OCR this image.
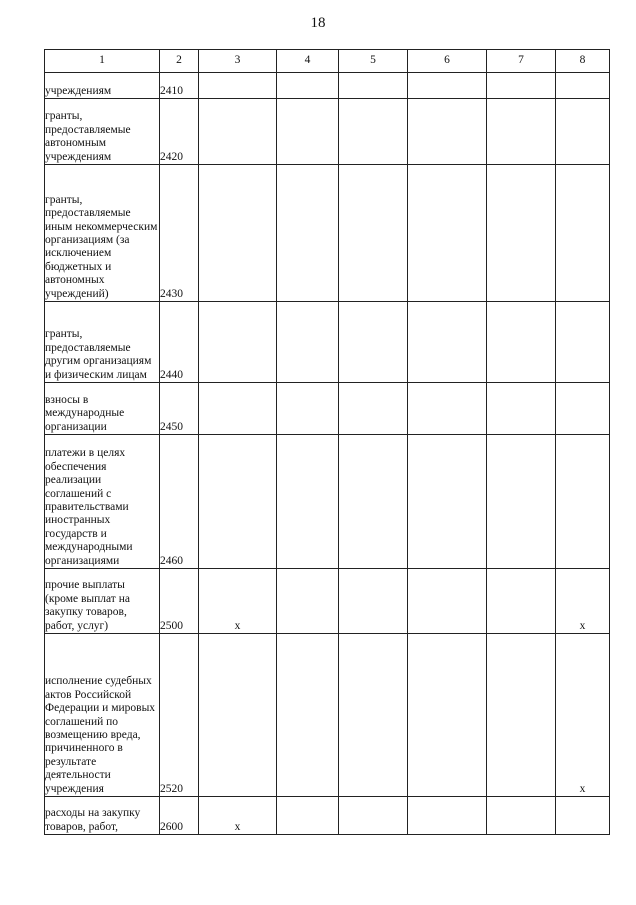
18
1	2	3	4	5	6	7	8
учреждениям	2410						
гранты, предоставляемые автономным учреждениям	2420						
гранты, предоставляемые иным некоммерческим организациям (за исключением бюджетных и автономных учреждений)	2430						
гранты, предоставляемые другим организациям и физическим лицам	2440						
взносы в международные организации	2450						
платежи в целях обеспечения реализации соглашений с правительствами иностранных государств и международными организациями	2460						
прочие выплаты (кроме выплат на закупку товаров, работ, услуг)	2500	x					x
исполнение судебных актов Российской Федерации и мировых соглашений по возмещению вреда, причиненного в результате деятельности учреждения	2520						x
расходы на закупку товаров, работ,	2600	x					
